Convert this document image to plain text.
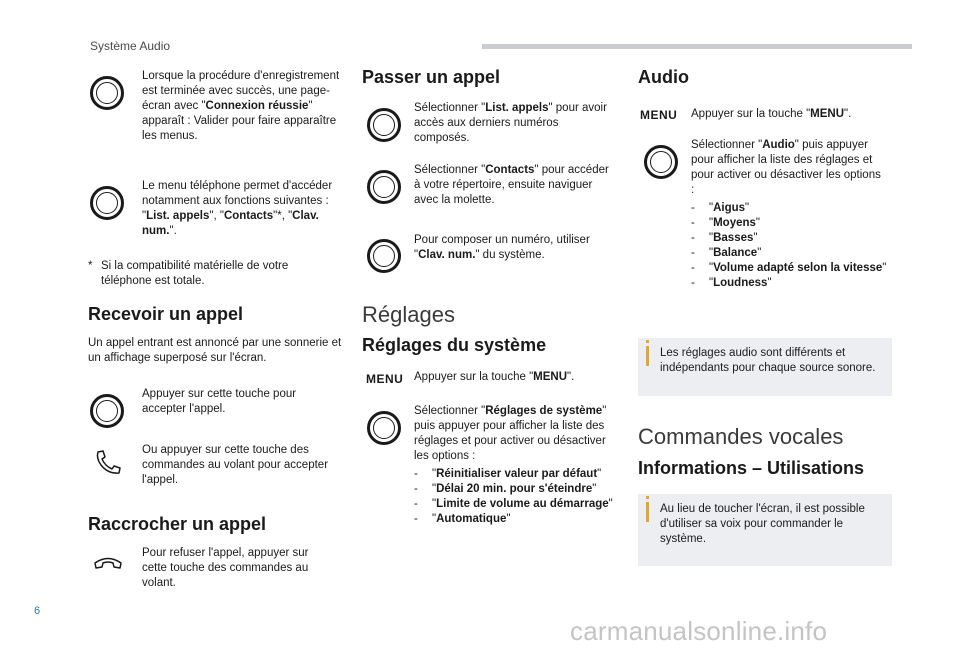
Système Audio
Lorsque la procédure d'enregistrement est terminée avec succès, une page-écran avec "Connexion réussie" apparaît : Valider pour faire apparaître les menus.
Le menu téléphone permet d'accéder notamment aux fonctions suivantes : "List. appels", "Contacts"*, "Clav. num.".
* Si la compatibilité matérielle de votre téléphone est totale.
Recevoir un appel
Un appel entrant est annoncé par une sonnerie et un affichage superposé sur l'écran.
Appuyer sur cette touche pour accepter l'appel.
Ou appuyer sur cette touche des commandes au volant pour accepter l'appel.
Raccrocher un appel
Pour refuser l'appel, appuyer sur cette touche des commandes au volant.
Passer un appel
Sélectionner "List. appels" pour avoir accès aux derniers numéros composés.
Sélectionner "Contacts" pour accéder à votre répertoire, ensuite naviguer avec la molette.
Pour composer un numéro, utiliser "Clav. num." du système.
Réglages
Réglages du système
MENU Appuyer sur la touche "MENU".
Sélectionner "Réglages de système" puis appuyer pour afficher la liste des réglages et pour activer ou désactiver les options :
-	"Réinitialiser valeur par défaut"
-	"Délai 20 min. pour s'éteindre"
-	"Limite de volume au démarrage"
-	"Automatique"
Audio
MENU Appuyer sur la touche "MENU".
Sélectionner "Audio" puis appuyer pour afficher la liste des réglages et pour activer ou désactiver les options :
-	"Aigus"
-	"Moyens"
-	"Basses"
-	"Balance"
-	"Volume adapté selon la vitesse"
-	"Loudness"
Les réglages audio sont différents et indépendants pour chaque source sonore.
Commandes vocales
Informations – Utilisations
Au lieu de toucher l'écran, il est possible d'utiliser sa voix pour commander le système.
6
carmanualsonline.info
